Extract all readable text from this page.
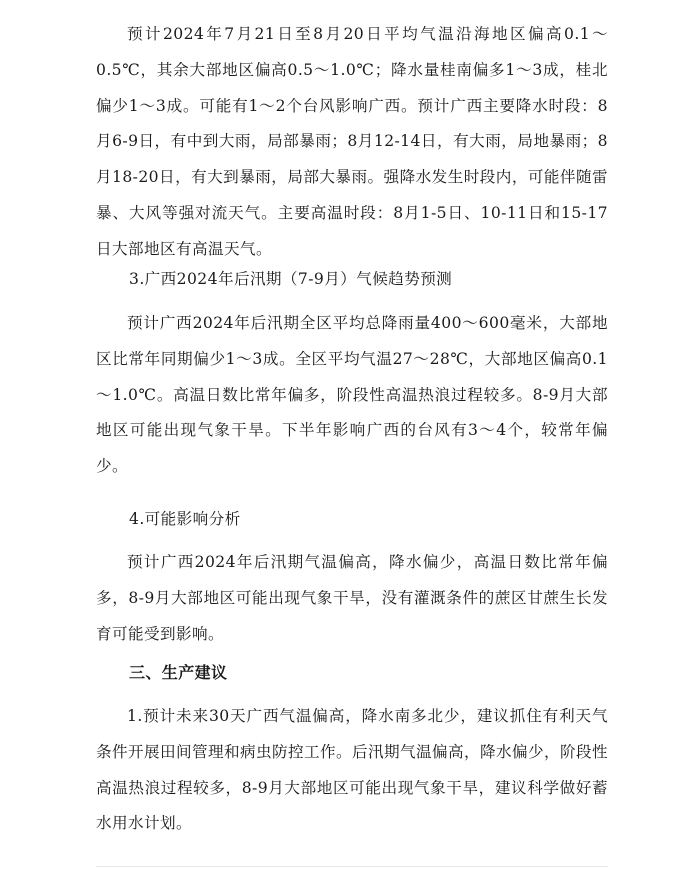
预计2024年7月21日至8月20日平均气温沿海地区偏高0.1～0.5℃，其余大部地区偏高0.5～1.0℃；降水量桂南偏多1～3成，桂北偏少1～3成。可能有1～2个台风影响广西。预计广西主要降水时段：8月6-9日，有中到大雨，局部暴雨；8月12-14日，有大雨，局地暴雨；8月18-20日，有大到暴雨，局部大暴雨。强降水发生时段内，可能伴随雷暴、大风等强对流天气。主要高温时段：8月1-5日、10-11日和15-17日大部地区有高温天气。

3.广西2024年后汛期（7-9月）气候趋势预测

预计广西2024年后汛期全区平均总降雨量400～600毫米，大部地区比常年同期偏少1～3成。全区平均气温27～28℃，大部地区偏高0.1～1.0℃。高温日数比常年偏多，阶段性高温热浪过程较多。8-9月大部地区可能出现气象干旱。下半年影响广西的台风有3～4个，较常年偏少。

4.可能影响分析

预计广西2024年后汛期气温偏高，降水偏少，高温日数比常年偏多，8-9月大部地区可能出现气象干旱，没有灌溉条件的蔗区甘蔗生长发育可能受到影响。

三、生产建议

1.预计未来30天广西气温偏高，降水南多北少，建议抓住有利天气条件开展田间管理和病虫防控工作。后汛期气温偏高，降水偏少，阶段性高温热浪过程较多，8-9月大部地区可能出现气象干旱，建议科学做好蓄水用水计划。
